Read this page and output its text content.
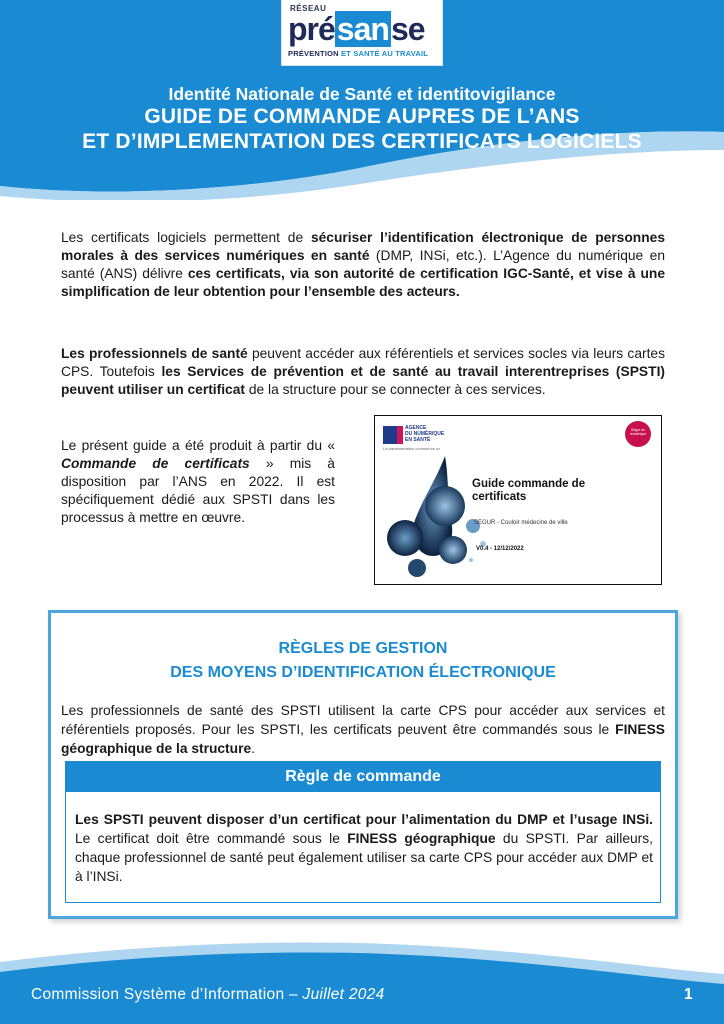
RÉSEAU
présanse
PRÉVENTION ET SANTÉ AU TRAVAIL
Identité Nationale de Santé et identitovigilance
GUIDE DE COMMANDE AUPRES DE L’ANS
ET D’IMPLEMENTATION DES CERTIFICATS LOGICIELS

Les certificats logiciels permettent de sécuriser l’identification électronique de personnes morales à des services numériques en santé (DMP, INSi, etc.). L’Agence du numérique en santé (ANS) délivre ces certificats, via son autorité de certification IGC-Santé, et vise à une simplification de leur obtention pour l’ensemble des acteurs.

Les professionnels de santé peuvent accéder aux référentiels et services socles via leurs cartes CPS. Toutefois les Services de prévention et de santé au travail interentreprises (SPSTI) peuvent utiliser un certificat de la structure pour se connecter à ces services.

Le présent guide a été produit à partir du « Commande de certificats » mis à disposition par l’ANS en 2022. Il est spécifiquement dédié aux SPSTI dans les processus à mettre en œuvre.

AGENCE
DU NUMÉRIQUE
EN SANTÉ
La transformation commence ici
Ségur du numérique
Guide commande de
certificats
SEGUR - Couloir médecine de ville
V0.4 - 12/12/2022
RÈGLES DE GESTION
DES MOYENS D’IDENTIFICATION ÉLECTRONIQUE

Les professionnels de santé des SPSTI utilisent la carte CPS pour accéder aux services et référentiels proposés. Pour les SPSTI, les certificats peuvent être commandés sous le FINESS géographique de la structure.

Règle de commande

Les SPSTI peuvent disposer d’un certificat pour l’alimentation du DMP et l’usage INSi. Le certificat doit être commandé sous le FINESS géographique du SPSTI. Par ailleurs, chaque professionnel de santé peut également utiliser sa carte CPS pour accéder aux DMP et à l’INSi.

Commission Système d’Information – Juillet 2024	1
